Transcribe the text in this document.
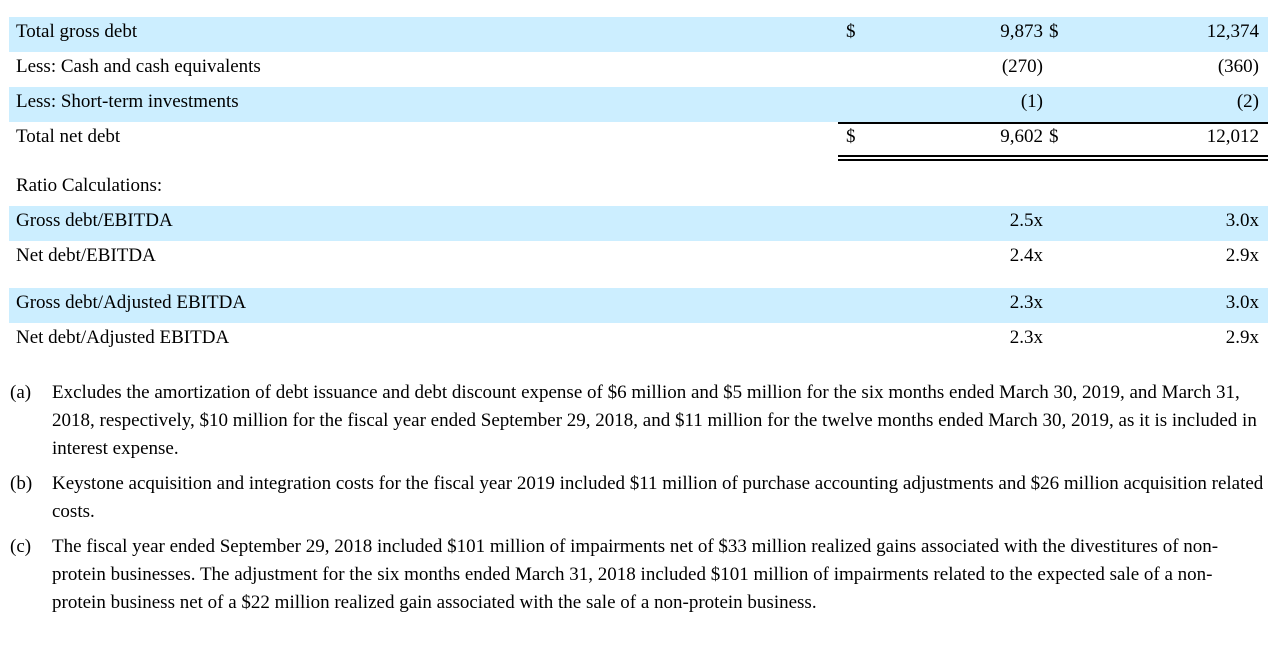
Total gross debt	$	9,873 $	12,374
Less: Cash and cash equivalents	(270)	(360)
Less: Short-term investments	(1)	(2)
Total net debt	$	9,602 $	12,012
Ratio Calculations:
Gross debt/EBITDA	2.5x	3.0x
Net debt/EBITDA	2.4x	2.9x
Gross debt/Adjusted EBITDA	2.3x	3.0x
Net debt/Adjusted EBITDA	2.3x	2.9x
(a) Excludes the amortization of debt issuance and debt discount expense of $6 million and $5 million for the six months ended March 30, 2019, and March 31, 2018, respectively, $10 million for the fiscal year ended September 29, 2018, and $11 million for the twelve months ended March 30, 2019, as it is included in interest expense.
(b) Keystone acquisition and integration costs for the fiscal year 2019 included $11 million of purchase accounting adjustments and $26 million acquisition related costs.
(c) The fiscal year ended September 29, 2018 included $101 million of impairments net of $33 million realized gains associated with the divestitures of non-protein businesses. The adjustment for the six months ended March 31, 2018 included $101 million of impairments related to the expected sale of a non-protein business net of a $22 million realized gain associated with the sale of a non-protein business.
